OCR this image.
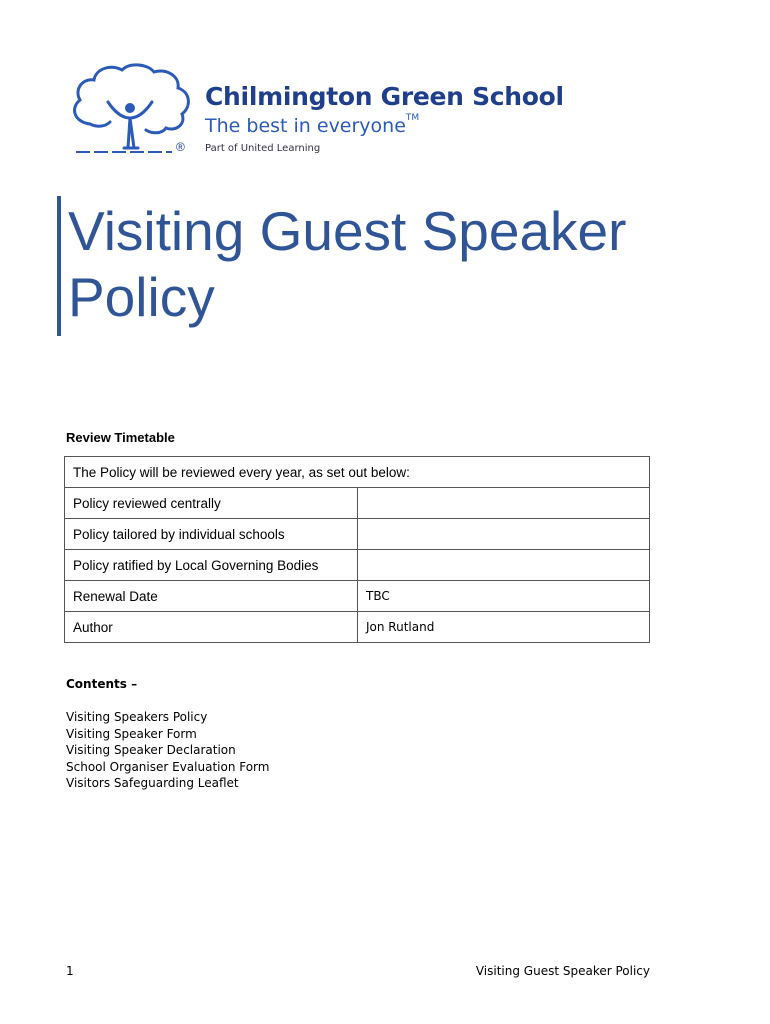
®
Chilmington Green School
The best in everyone™
Part of United Learning
Visiting Guest Speaker Policy
Review Timetable
The Policy will be reviewed every year, as set out below:	
Policy reviewed centrally	
Policy tailored by individual schools	
Policy ratified by Local Governing Bodies	
Renewal Date	TBC
Author	Jon Rutland
Contents –
Visiting Speakers Policy
Visiting Speaker Form
Visiting Speaker Declaration
School Organiser Evaluation Form
Visitors Safeguarding Leaflet
1	Visiting Guest Speaker Policy
